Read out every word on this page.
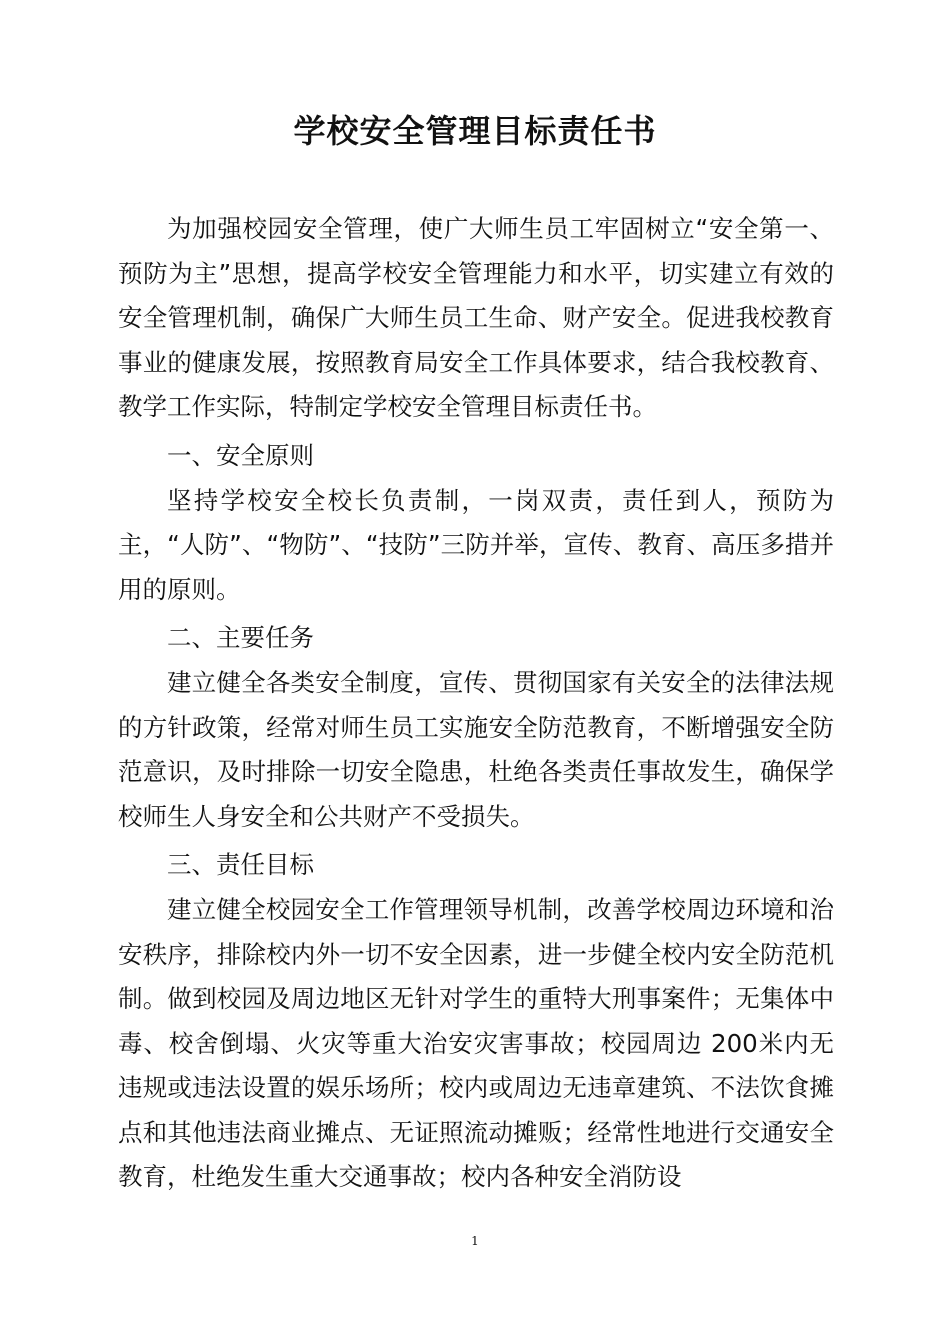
学校安全管理目标责任书

为加强校园安全管理，使广大师生员工牢固树立“安全第一、预防为主”思想，提高学校安全管理能力和水平，切实建立有效的安全管理机制，确保广大师生员工生命、财产安全。促进我校教育事业的健康发展，按照教育局安全工作具体要求，结合我校教育、教学工作实际，特制定学校安全管理目标责任书。

一、安全原则

坚持学校安全校长负责制，一岗双责，责任到人，预防为主，“人防”、“物防”、“技防”三防并举，宣传、教育、高压多措并用的原则。

二、主要任务

建立健全各类安全制度，宣传、贯彻国家有关安全的法律法规的方针政策，经常对师生员工实施安全防范教育，不断增强安全防范意识，及时排除一切安全隐患，杜绝各类责任事故发生，确保学校师生人身安全和公共财产不受损失。

三、责任目标

建立健全校园安全工作管理领导机制，改善学校周边环境和治安秩序，排除校内外一切不安全因素，进一步健全校内安全防范机制。做到校园及周边地区无针对学生的重特大刑事案件；无集体中毒、校舍倒塌、火灾等重大治安灾害事故；校园周边 200米内无违规或违法设置的娱乐场所；校内或周边无违章建筑、不法饮食摊点和其他违法商业摊点、无证照流动摊贩；经常性地进行交通安全教育，杜绝发生重大交通事故；校内各种安全消防设

1
